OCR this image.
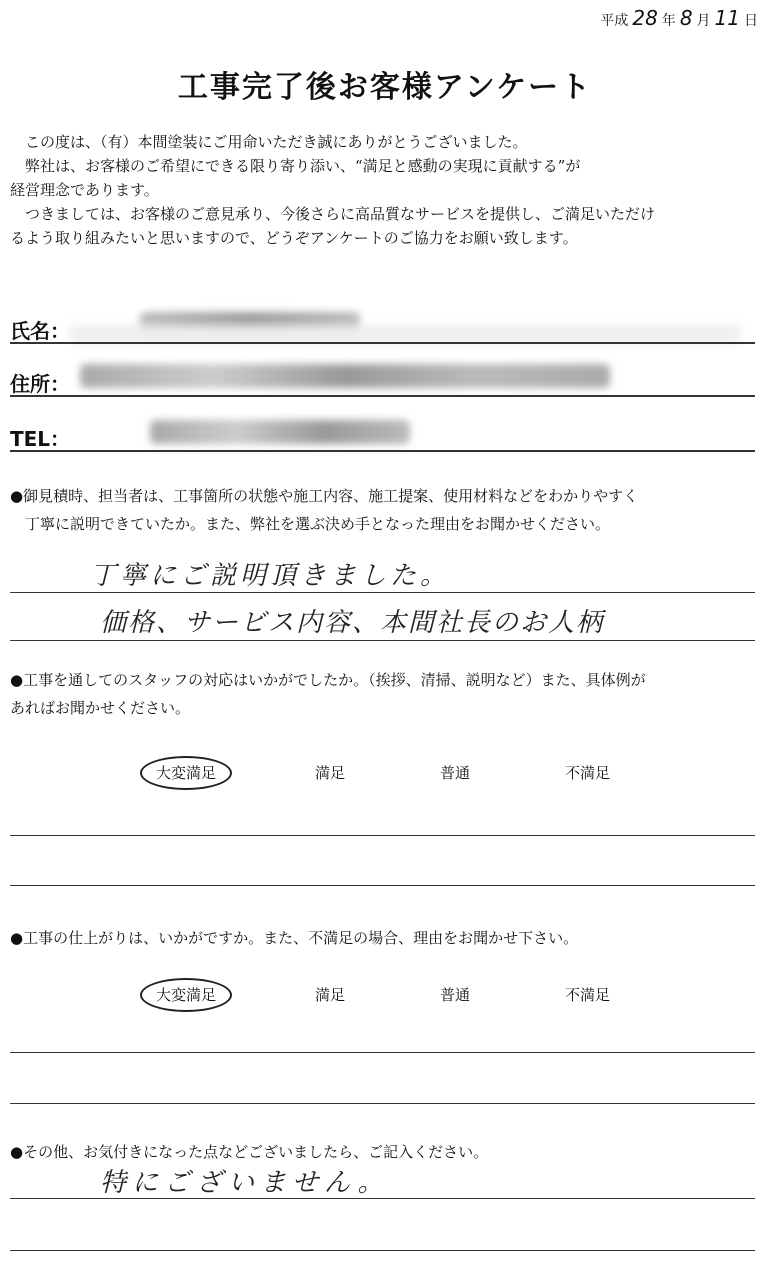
平成 28 年 8 月 11 日
工事完了後お客様アンケート

　この度は、（有）本間塗装にご用命いただき誠にありがとうございました。

　弊社は、お客様のご希望にできる限り寄り添い、“満足と感動の実現に貢献する”が

経営理念であります。

　つきましては、お客様のご意見承り、今後さらに高品質なサービスを提供し、ご満足いただけ

るよう取り組みたいと思いますので、どうぞアンケートのご協力をお願い致します。

氏名：
住所：
TEL：

●御見積時、担当者は、工事箇所の状態や施工内容、施工提案、使用材料などをわかりやすく

　丁寧に説明できていたか。また、弊社を選ぶ決め手となった理由をお聞かせください。

丁寧にご説明頂きました。
価格、サービス内容、本間社長のお人柄

●工事を通してのスタッフの対応はいかがでしたか。（挨拶、清掃、説明など）また、具体例が

あればお聞かせください。

大変満足	満足	普通	不満足

●工事の仕上がりは、いかがですか。また、不満足の場合、理由をお聞かせ下さい。

大変満足	満足	普通	不満足

●その他、お気付きになった点などございましたら、ご記入ください。

特にございません。
